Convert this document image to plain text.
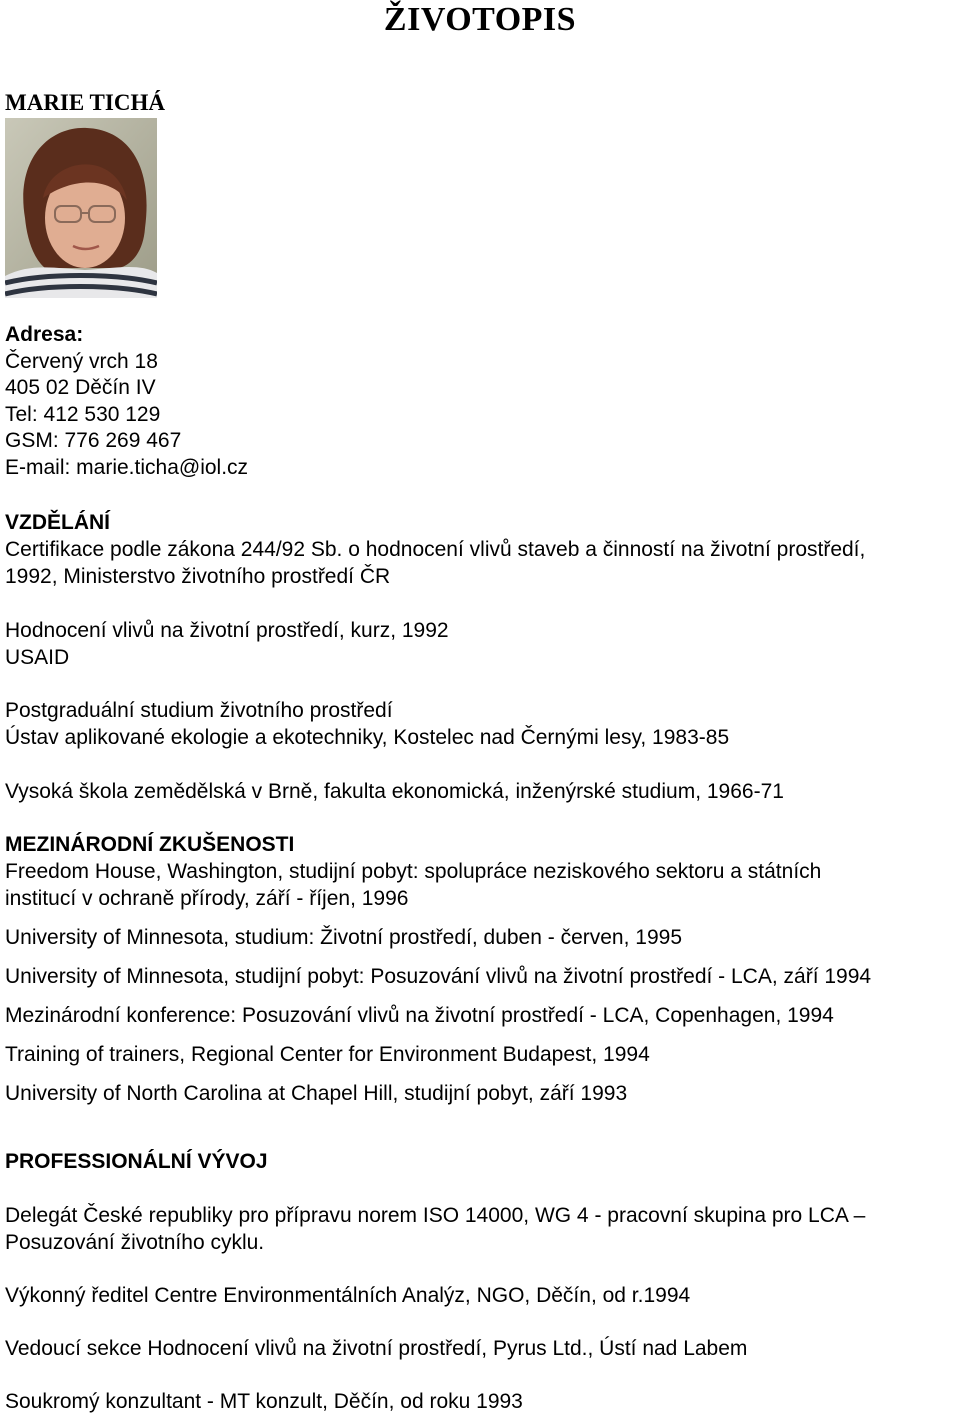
ŽIVOTOPIS
MARIE TICHÁ
Adresa:
Červený vrch 18
405 02 Děčín IV
Tel: 412 530 129
GSM: 776 269 467
E-mail: marie.ticha@iol.cz
VZDĚLÁNÍ
Certifikace podle zákona 244/92 Sb. o hodnocení vlivů staveb a činností na životní prostředí,
1992, Ministerstvo životního prostředí ČR
Hodnocení vlivů na životní prostředí, kurz, 1992
USAID
Postgraduální studium životního prostředí
Ústav aplikované ekologie a ekotechniky, Kostelec nad Černými lesy, 1983-85
Vysoká škola zemědělská v Brně, fakulta ekonomická, inženýrské studium, 1966-71
MEZINÁRODNÍ ZKUŠENOSTI
Freedom House, Washington, studijní pobyt: spolupráce neziskového sektoru a státních
institucí v ochraně přírody, září - říjen, 1996
University of Minnesota, studium: Životní prostředí, duben - červen, 1995
University of Minnesota, studijní pobyt: Posuzování vlivů na životní prostředí - LCA, září 1994
Mezinárodní konference: Posuzování vlivů na životní prostředí - LCA, Copenhagen, 1994
Training of trainers, Regional Center for Environment Budapest, 1994
University of North Carolina at Chapel Hill, studijní pobyt, září 1993
PROFESSIONÁLNÍ VÝVOJ
Delegát České republiky pro přípravu norem ISO 14000, WG 4 - pracovní skupina pro LCA –
Posuzování životního cyklu.
Výkonný ředitel Centre Environmentálních Analýz, NGO, Děčín, od r.1994
Vedoucí sekce Hodnocení vlivů na životní prostředí, Pyrus Ltd., Ústí nad Labem
Soukromý konzultant - MT konzult, Děčín, od roku 1993
